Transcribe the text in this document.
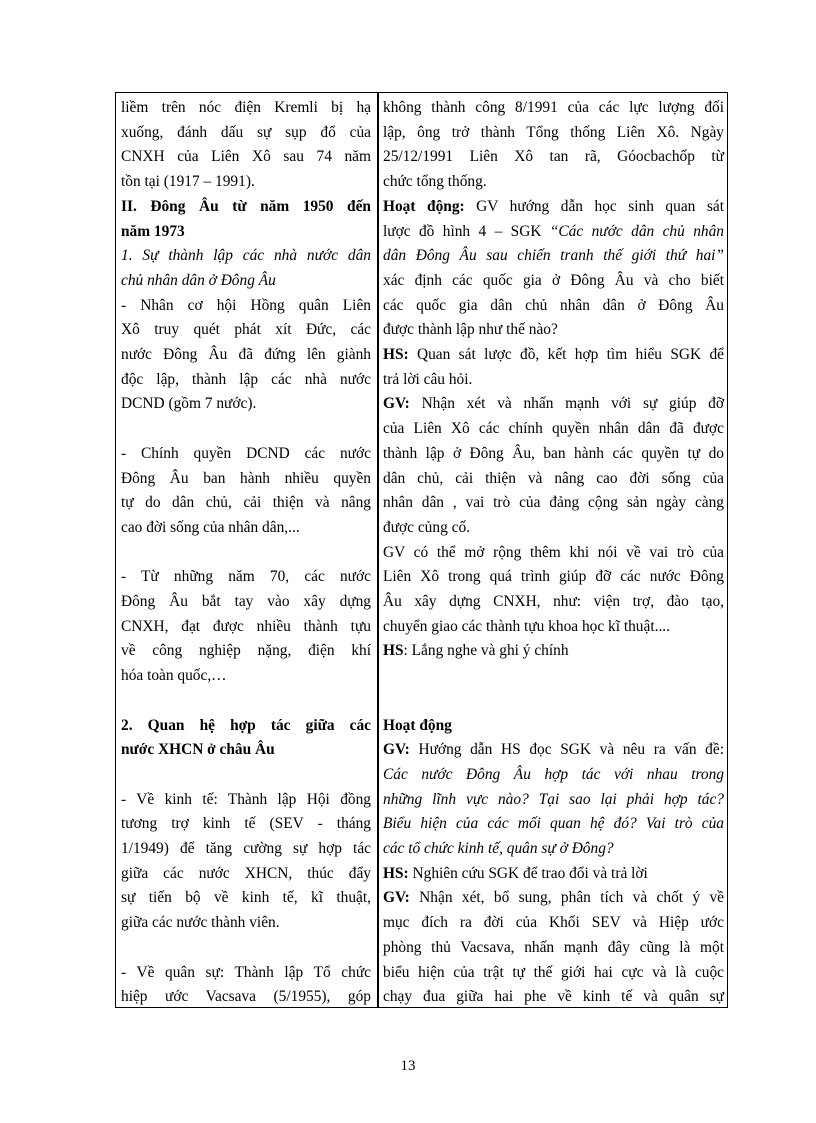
liềm trên nóc điện Kremli bị hạ

xuống, đánh dấu sự sụp đổ của

CNXH của Liên Xô sau 74 năm

tồn tại (1917 – 1991).

II. Đông Âu từ năm 1950 đến

năm 1973

1. Sự thành lập các nhà nước dân

chủ nhân dân ở Đông Âu

- Nhân cơ hội Hồng quân Liên

Xô truy quét phát xít Đức, các

nước Đông Âu đã đứng lên giành

độc lập, thành lập các nhà nước

DCND (gồm 7 nước).

- Chính quyền DCND các nước

Đông Âu ban hành nhiều quyền

tự do dân chủ, cải thiện và nâng

cao đời sống của nhân dân,...

- Từ những năm 70, các nước

Đông Âu bắt tay vào xây dựng

CNXH, đạt được nhiều thành tựu

về công nghiệp nặng, điện khí

hóa toàn quốc,…

2. Quan hệ hợp tác giữa các

nước XHCN ở châu Âu

- Về kinh tế: Thành lập Hội đồng

tương trợ kinh tế (SEV - tháng

1/1949) để tăng cường sự hợp tác

giữa các nước XHCN, thúc đẩy

sự tiến bộ về kinh tế, kĩ thuật,

giữa các nước thành viên.

- Về quân sự: Thành lập Tổ chức

hiệp ước Vacsava (5/1955), góp

không thành công 8/1991 của các lực lượng đối

lập, ông trở thành Tổng thống Liên Xô. Ngày

25/12/1991 Liên Xô tan rã, Góocbachốp từ

chức tổng thống.

Hoạt động: GV hướng dẫn học sinh quan sát

lược đồ hình 4 – SGK “Các nước dân chủ nhân

dân Đông Âu sau chiến tranh thế giới thứ hai”

xác định các quốc gia ở Đông Âu và cho biết

các quốc gia dân chủ nhân dân ở Đông Âu

được thành lập như thế nào?

HS: Quan sát lược đồ, kết hợp tìm hiểu SGK để

trả lời câu hỏi.

GV: Nhận xét và nhấn mạnh với sự giúp đỡ

của Liên Xô các chính quyền nhân dân đã được

thành lập ở Đông Âu, ban hành các quyền tự do

dân chủ, cải thiện và nâng cao đời sống của

nhân dân , vai trò của đảng cộng sản ngày càng

được củng cố.

GV có thể mở rộng thêm khi nói về vai trò của

Liên Xô trong quá trình giúp đỡ các nước Đông

Âu xây dựng CNXH, như: viện trợ, đào tạo,

chuyển giao các thành tựu khoa học kĩ thuật....

HS: Lắng nghe và ghi ý chính

Hoạt động

GV: Hướng dẫn HS đọc SGK và nêu ra vấn đề:

Các nước Đông Âu hợp tác với nhau trong

những lĩnh vực nào? Tại sao lại phải hợp tác?

Biểu hiện của các mối quan hệ đó? Vai trò của

các tổ chức kinh tế, quân sự ở Đông?

HS: Nghiên cứu SGK để trao đổi và trả lời

GV: Nhận xét, bổ sung, phân tích và chốt ý về

mục đích ra đời của Khối SEV và Hiệp ước

phòng thủ Vacsava, nhấn mạnh đây cũng là một

biểu hiện của trật tự thế giới hai cực và là cuộc

chạy đua giữa hai phe về kinh tế và quân sự

13
